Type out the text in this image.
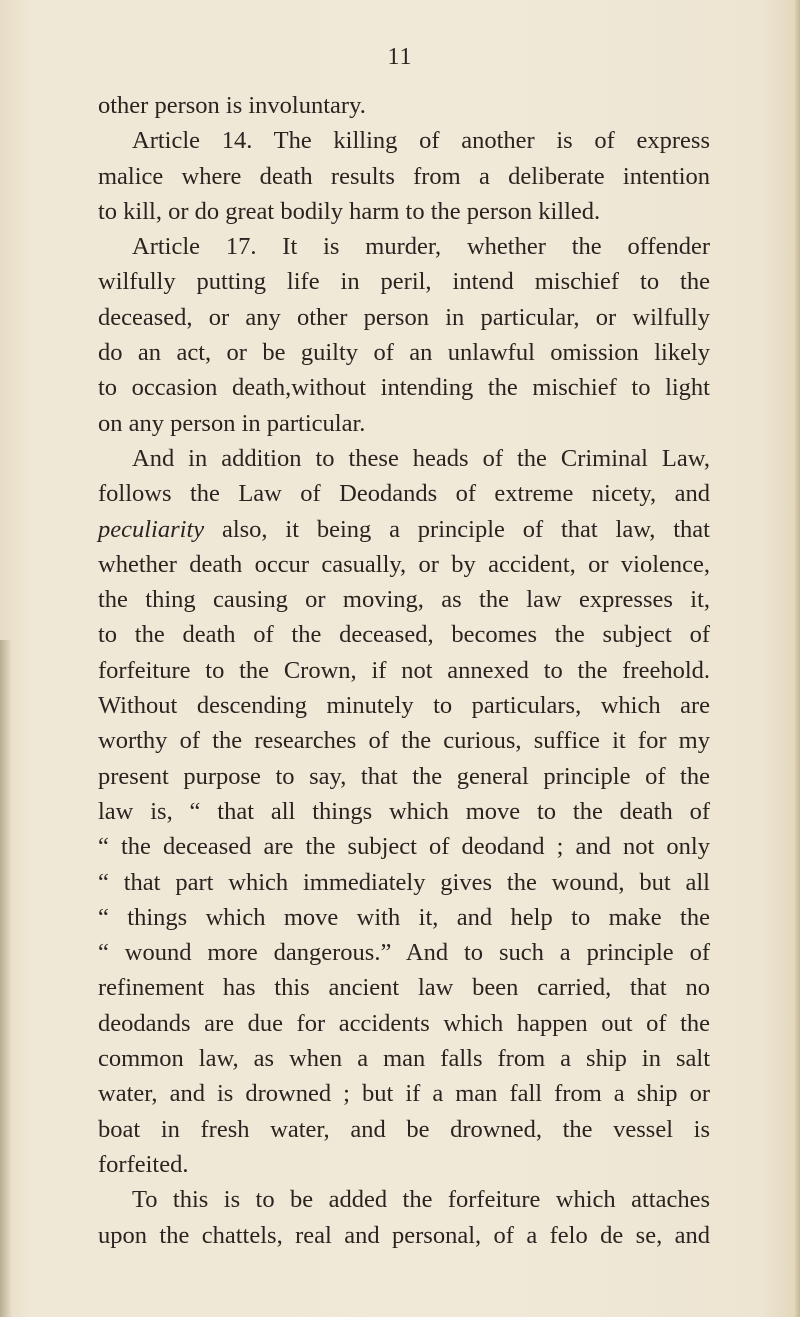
11
other person is involuntary.
Article 14. The killing of another is of express
malice where death results from a deliberate intention
to kill, or do great bodily harm to the person killed.
Article 17. It is murder, whether the offender
wilfully putting life in peril, intend mischief to the
deceased, or any other person in particular, or wilfully
do an act, or be guilty of an unlawful omission likely
to occasion death,without intending the mischief to light
on any person in particular.
And in addition to these heads of the Criminal Law,
follows the Law of Deodands of extreme nicety, and
peculiarity also, it being a principle of that law, that
whether death occur casually, or by accident, or violence,
the thing causing or moving, as the law expresses it,
to the death of the deceased, becomes the subject of
forfeiture to the Crown, if not annexed to the freehold.
Without descending minutely to particulars, which are
worthy of the researches of the curious, suffice it for my
present purpose to say, that the general principle of the
law is, “ that all things which move to the death of
“ the deceased are the subject of deodand ; and not only
“ that part which immediately gives the wound, but all
“ things which move with it, and help to make the
“ wound more dangerous.” And to such a principle of
refinement has this ancient law been carried, that no
deodands are due for accidents which happen out of the
common law, as when a man falls from a ship in salt
water, and is drowned ; but if a man fall from a ship or
boat in fresh water, and be drowned, the vessel is
forfeited.
To this is to be added the forfeiture which attaches
upon the chattels, real and personal, of a felo de se, and
